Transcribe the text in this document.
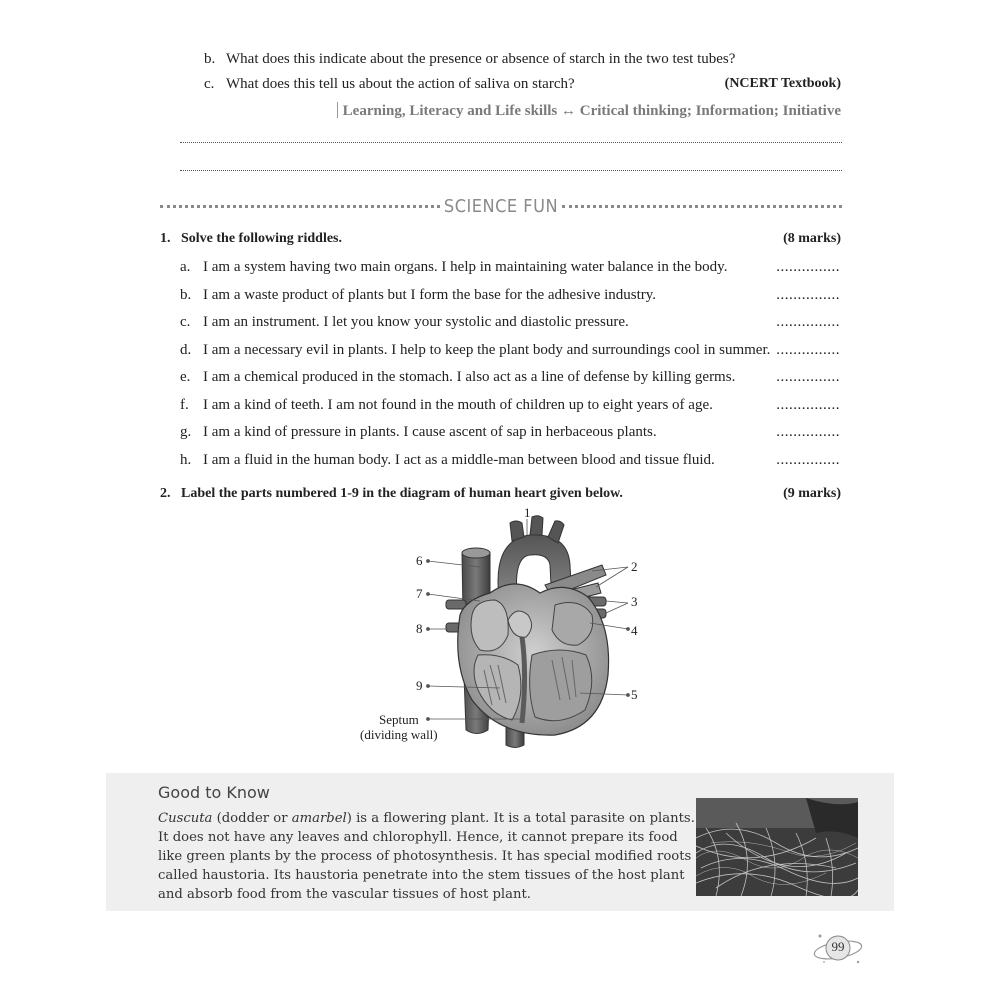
b. What does this indicate about the presence or absence of starch in the two test tubes?
c. What does this tell us about the action of saliva on starch?	(NCERT Textbook)
Learning, Literacy and Life skills ↔ Critical thinking; Information; Initiative
SCIENCE FUN
1. Solve the following riddles.	(8 marks)
a. I am a system having two main organs. I help in maintaining water balance in the body.	...............
b. I am a waste product of plants but I form the base for the adhesive industry.	...............
c. I am an instrument. I let you know your systolic and diastolic pressure.	...............
d. I am a necessary evil in plants. I help to keep the plant body and surroundings cool in summer. ...............
e. I am a chemical produced in the stomach. I also act as a line of defense by killing germs.	...............
f. I am a kind of teeth. I am not found in the mouth of children up to eight years of age.	...............
g. I am a kind of pressure in plants. I cause ascent of sap in herbaceous plants.	...............
h. I am a fluid in the human body. I act as a middle-man between blood and tissue fluid.	...............
2. Label the parts numbered 1-9 in the diagram of human heart given below.	(9 marks)
1
6
7
8
9
2
3
4
5
Septum
(dividing wall)
Good to Know
Cuscuta (dodder or amarbel) is a flowering plant. It is a total parasite on plants. It does not have any leaves and chlorophyll. Hence, it cannot prepare its food like green plants by the process of photosynthesis. It has special modified roots called haustoria. Its haustoria penetrate into the stem tissues of the host plant and absorb food from the vascular tissues of host plant.
99
